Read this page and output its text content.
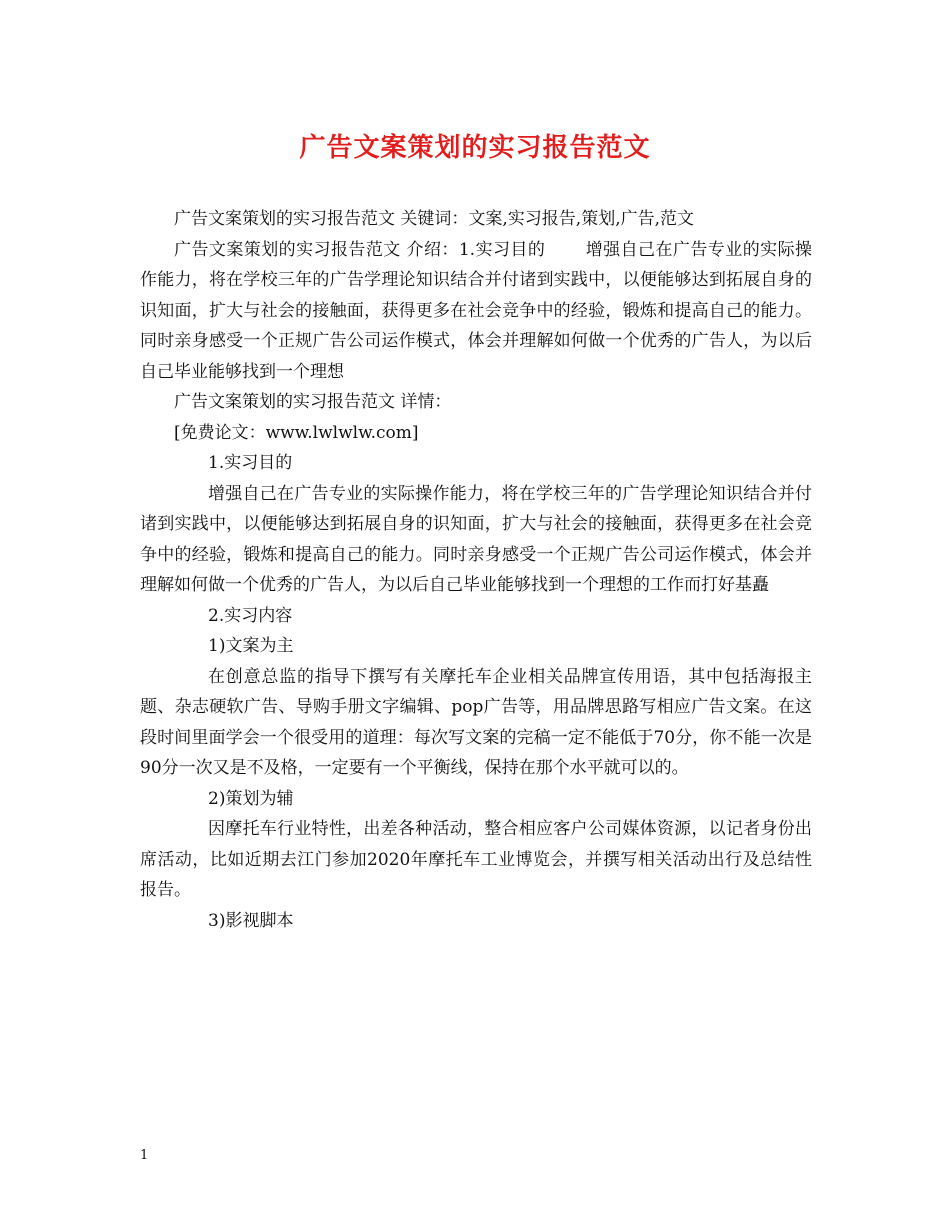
广告文案策划的实习报告范文

广告文案策划的实习报告范文 关键词：文案,实习报告,策划,广告,范文

广告文案策划的实习报告范文 介绍：1.实习目的 增强自己在广告专业的实际操作能力，将在学校三年的广告学理论知识结合并付诸到实践中，以便能够达到拓展自身的识知面，扩大与社会的接触面，获得更多在社会竞争中的经验，锻炼和提高自己的能力。同时亲身感受一个正规广告公司运作模式，体会并理解如何做一个优秀的广告人，为以后自己毕业能够找到一个理想

广告文案策划的实习报告范文 详情：

[免费论文：www.lwlwlw.com]

1.实习目的

增强自己在广告专业的实际操作能力，将在学校三年的广告学理论知识结合并付诸到实践中，以便能够达到拓展自身的识知面，扩大与社会的接触面，获得更多在社会竞争中的经验，锻炼和提高自己的能力。同时亲身感受一个正规广告公司运作模式，体会并理解如何做一个优秀的广告人，为以后自己毕业能够找到一个理想的工作而打好基矗

2.实习内容

1)文案为主

在创意总监的指导下撰写有关摩托车企业相关品牌宣传用语，其中包括海报主题、杂志硬软广告、导购手册文字编辑、pop广告等，用品牌思路写相应广告文案。在这段时间里面学会一个很受用的道理：每次写文案的完稿一定不能低于70分，你不能一次是90分一次又是不及格，一定要有一个平衡线，保持在那个水平就可以的。

2)策划为辅

因摩托车行业特性，出差各种活动，整合相应客户公司媒体资源，以记者身份出席活动，比如近期去江门参加2020年摩托车工业博览会，并撰写相关活动出行及总结性报告。

3)影视脚本

1
